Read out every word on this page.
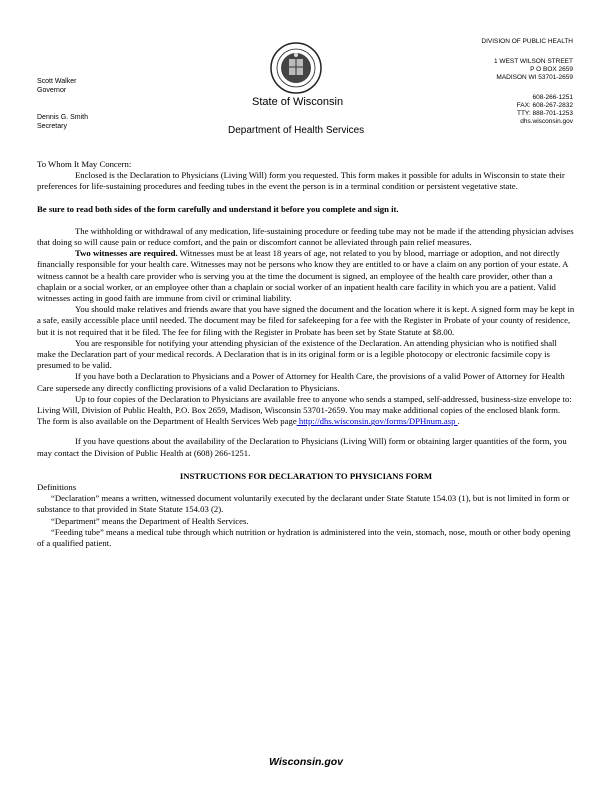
Scott Walker
Governor
Dennis G. Smith
Secretary
DIVISION OF PUBLIC HEALTH
1 WEST WILSON STREET
P O BOX 2659
MADISON WI 53701-2659
608-266-1251
FAX: 608-267-2832
TTY: 888-701-1253
dhs.wisconsin.gov
State of Wisconsin
Department of Health Services

To Whom It May Concern:

Enclosed is the Declaration to Physicians (Living Will) form you requested. This form makes it possible for adults in Wisconsin to state their preferences for life-sustaining procedures and feeding tubes in the event the person is in a terminal condition or persistent vegetative state.

Be sure to read both sides of the form carefully and understand it before you complete and sign it.

The withholding or withdrawal of any medication, life-sustaining procedure or feeding tube may not be made if the attending physician advises that doing so will cause pain or reduce comfort, and the pain or discomfort cannot be alleviated through pain relief measures.

Two witnesses are required. Witnesses must be at least 18 years of age, not related to you by blood, marriage or adoption, and not directly financially responsible for your health care. Witnesses may not be persons who know they are entitled to or have a claim on any portion of your estate. A witness cannot be a health care provider who is serving you at the time the document is signed, an employee of the health care provider, other than a chaplain or a social worker, or an employee other than a chaplain or social worker of an inpatient health care facility in which you are a patient. Valid witnesses acting in good faith are immune from civil or criminal liability.

You should make relatives and friends aware that you have signed the document and the location where it is kept. A signed form may be kept in a safe, easily accessible place until needed. The document may be filed for safekeeping for a fee with the Register in Probate of your county of residence, but it is not required that it be filed. The fee for filing with the Register in Probate has been set by State Statute at $8.00.

You are responsible for notifying your attending physician of the existence of the Declaration. An attending physician who is notified shall make the Declaration part of your medical records. A Declaration that is in its original form or is a legible photocopy or electronic facsimile copy is presumed to be valid.

If you have both a Declaration to Physicians and a Power of Attorney for Health Care, the provisions of a valid Power of Attorney for Health Care supersede any directly conflicting provisions of a valid Declaration to Physicians.

Up to four copies of the Declaration to Physicians are available free to anyone who sends a stamped, self-addressed, business-size envelope to: Living Will, Division of Public Health, P.O. Box 2659, Madison, Wisconsin 53701-2659. You may make additional copies of the enclosed blank form. The form is also available on the Department of Health Services Web page http://dhs.wisconsin.gov/forms/DPHnum.asp .

If you have questions about the availability of the Declaration to Physicians (Living Will) form or obtaining larger quantities of the form, you may contact the Division of Public Health at (608) 266-1251.

INSTRUCTIONS FOR DECLARATION TO PHYSICIANS FORM

Definitions

“Declaration” means a written, witnessed document voluntarily executed by the declarant under State Statute 154.03 (1), but is not limited in form or substance to that provided in State Statute 154.03 (2).

“Department” means the Department of Health Services.

“Feeding tube” means a medical tube through which nutrition or hydration is administered into the vein, stomach, nose, mouth or other body opening of a qualified patient.

Wisconsin.gov
